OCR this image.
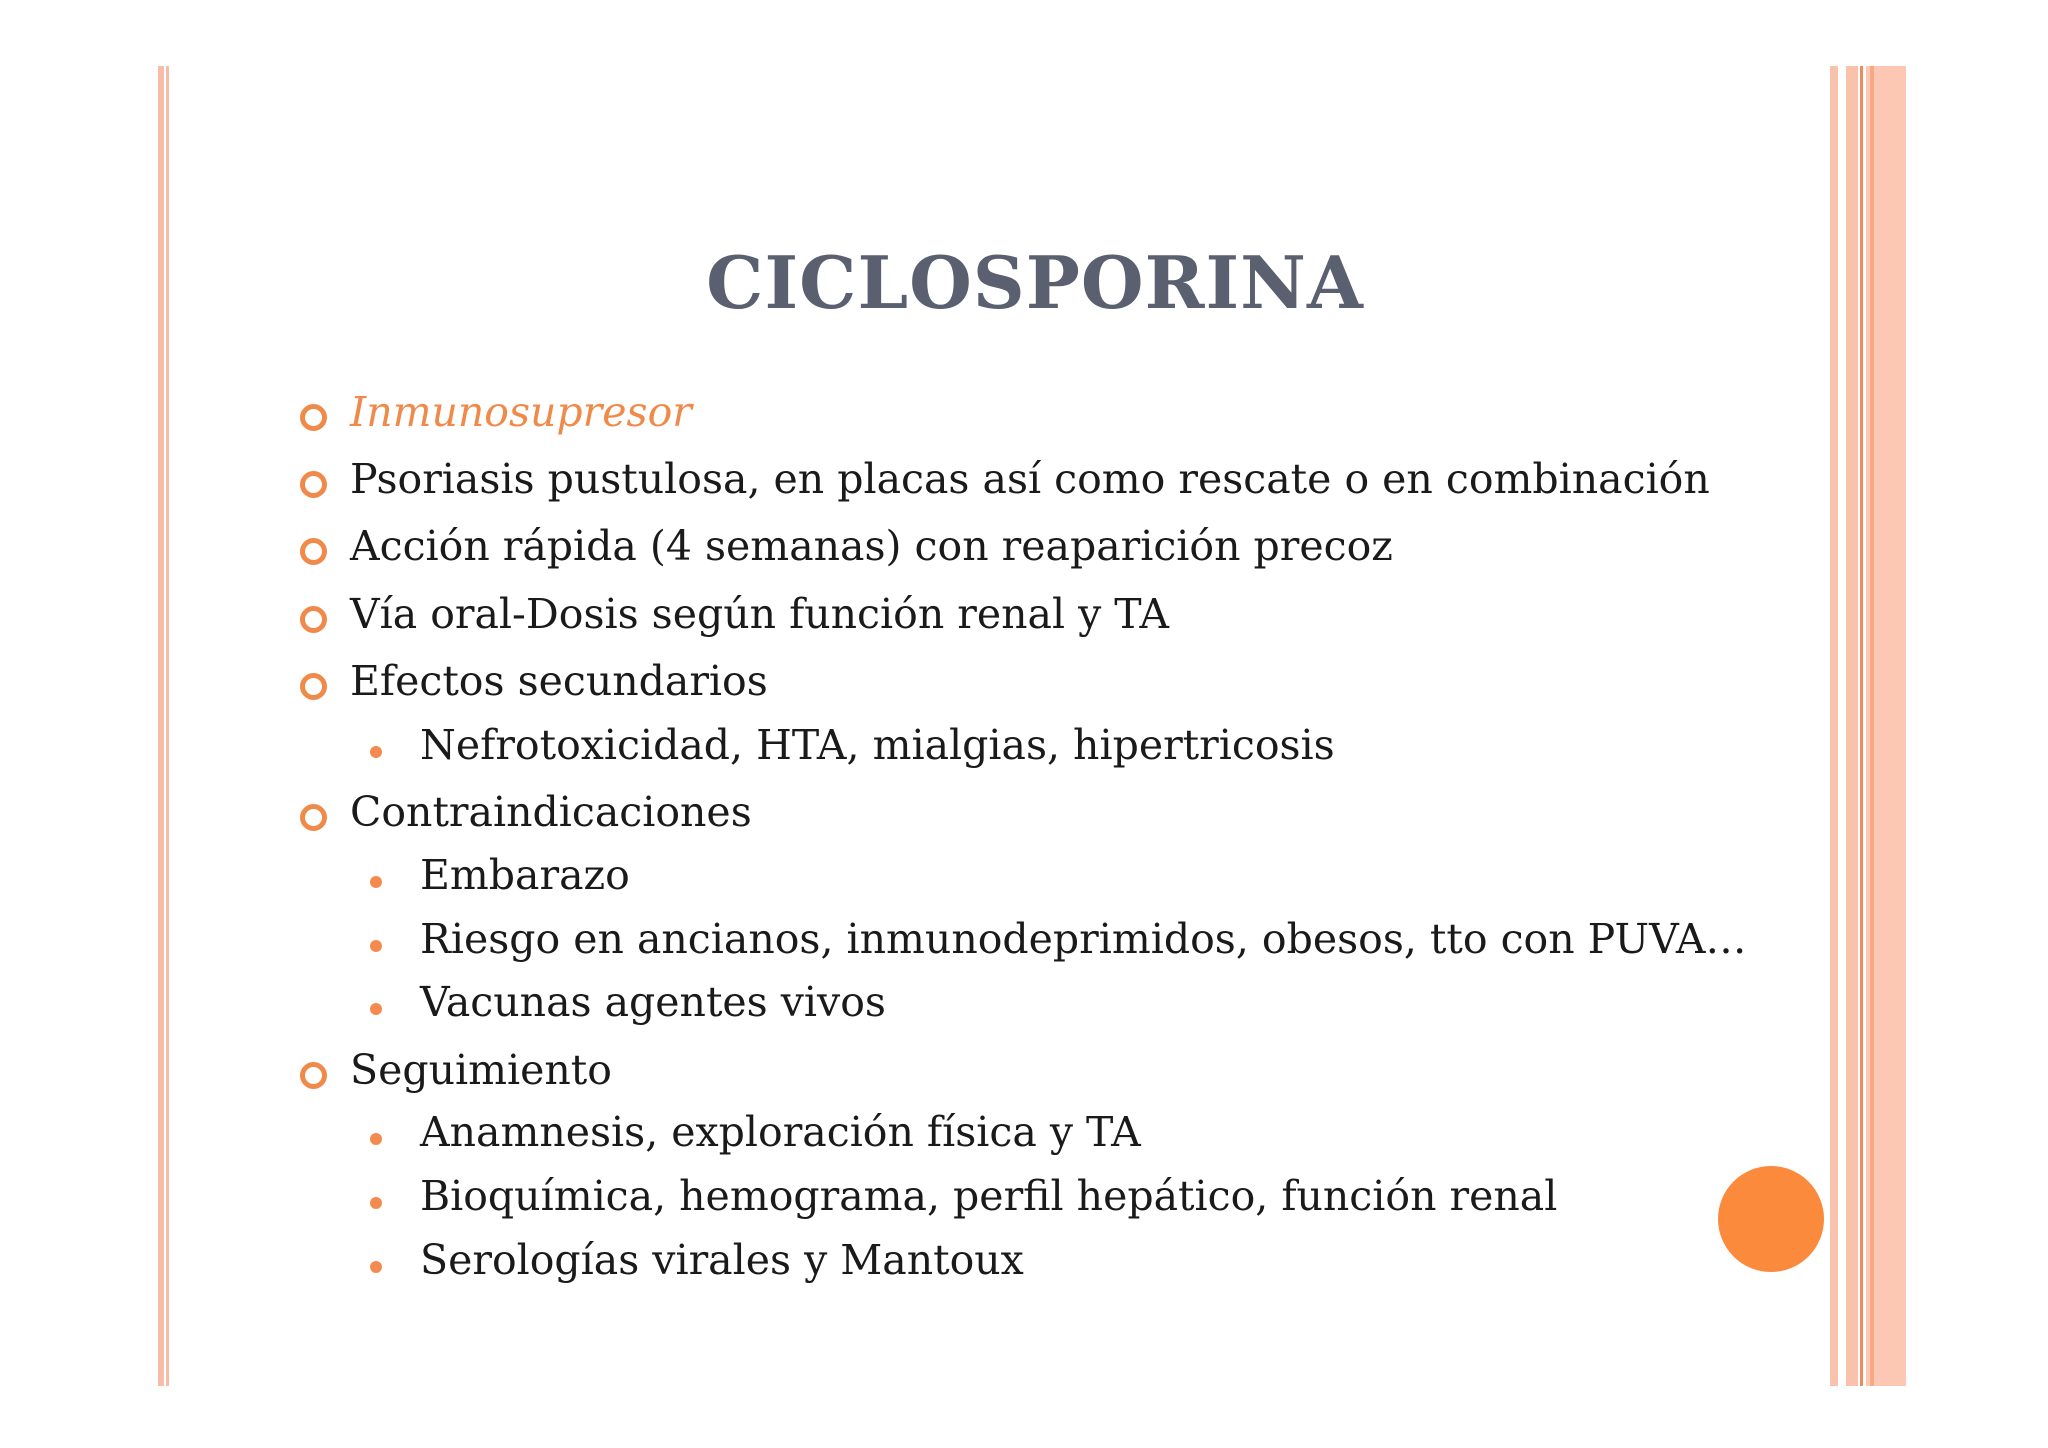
CICLOSPORINA
Inmunosupresor
Psoriasis pustulosa, en placas así como rescate o en combinación
Acción rápida (4 semanas) con reaparición precoz
Vía oral-Dosis según función renal y TA
Efectos secundarios
Nefrotoxicidad, HTA, mialgias, hipertricosis
Contraindicaciones
Embarazo
Riesgo en ancianos, inmunodeprimidos, obesos, tto con PUVA…
Vacunas agentes vivos
Seguimiento
Anamnesis, exploración física y TA
Bioquímica, hemograma, perfil hepático, función renal
Serologías virales y Mantoux
